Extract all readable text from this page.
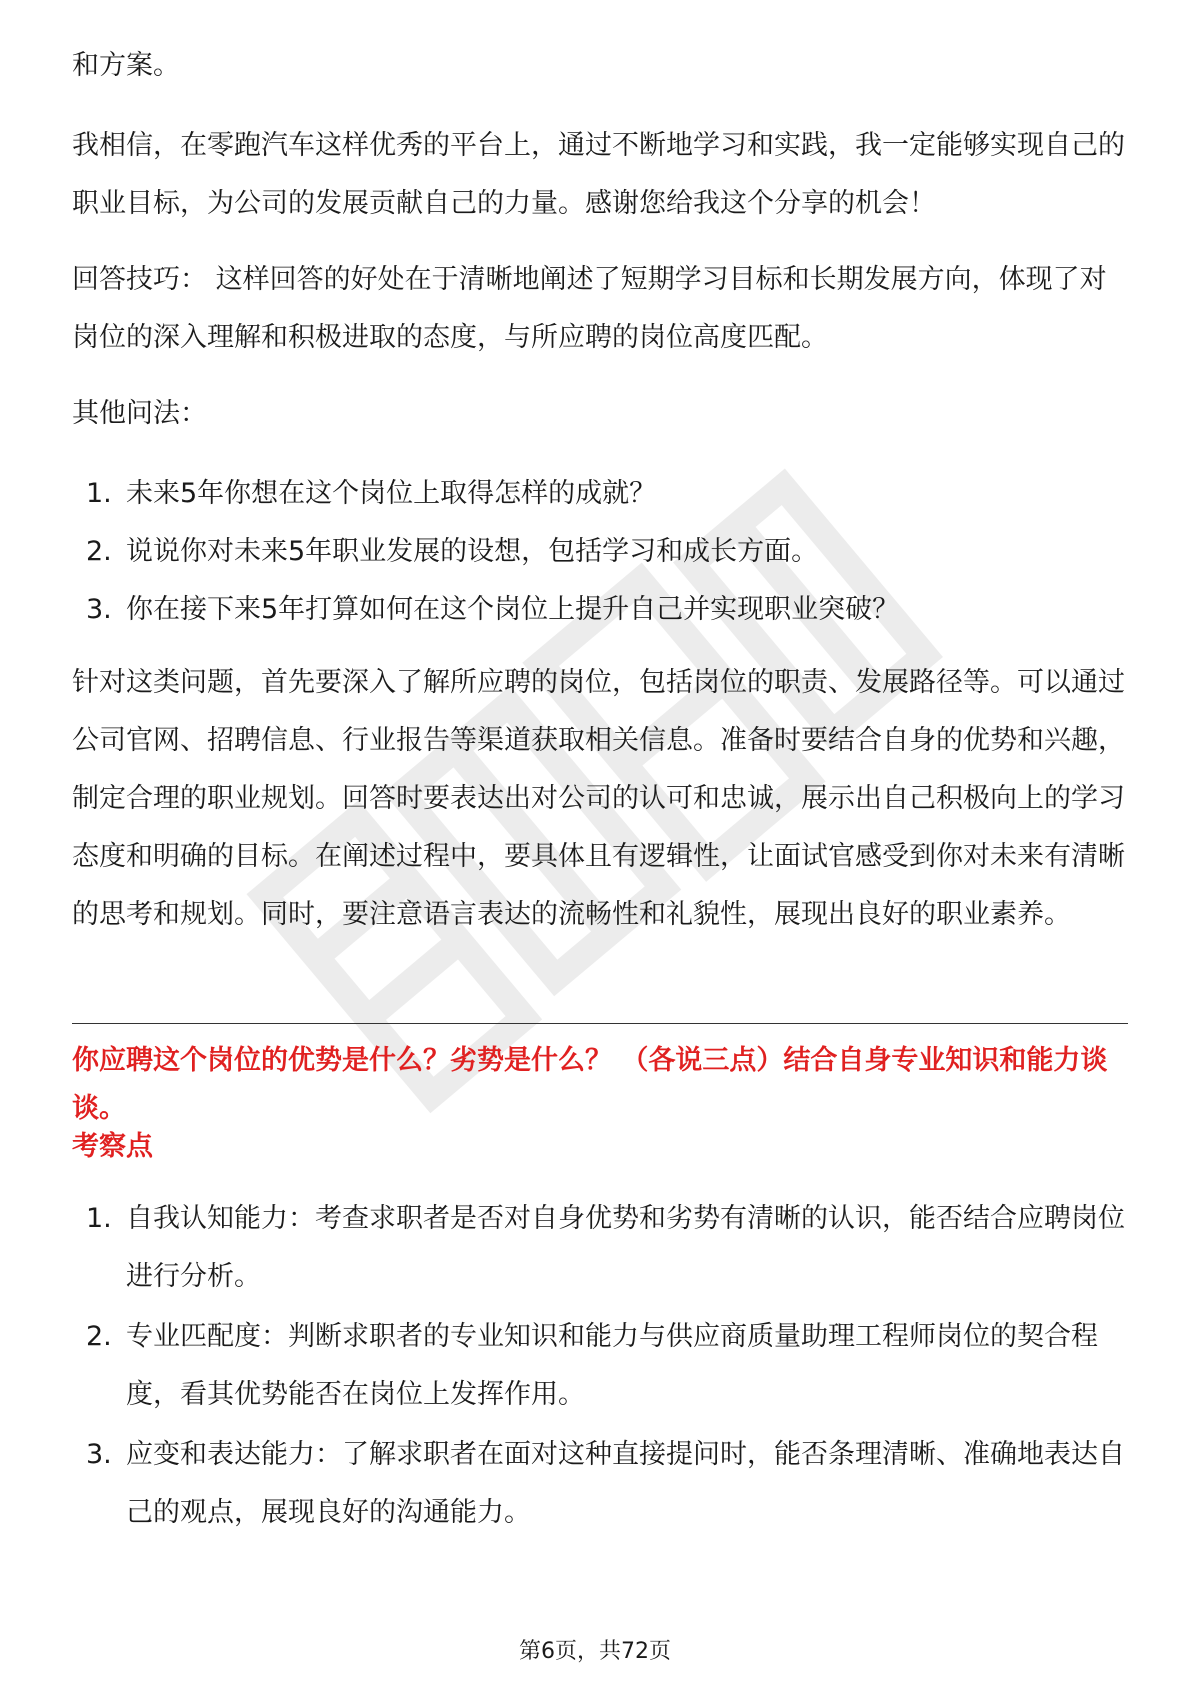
和方案。

我相信，在零跑汽车这样优秀的平台上，通过不断地学习和实践，我一定能够实现自己的职业目标，为公司的发展贡献自己的力量。感谢您给我这个分享的机会！

回答技巧： 这样回答的好处在于清晰地阐述了短期学习目标和长期发展方向，体现了对岗位的深入理解和积极进取的态度，与所应聘的岗位高度匹配。

其他问法：

1. 未来5年你想在这个岗位上取得怎样的成就？
2. 说说你对未来5年职业发展的设想，包括学习和成长方面。
3. 你在接下来5年打算如何在这个岗位上提升自己并实现职业突破？

针对这类问题，首先要深入了解所应聘的岗位，包括岗位的职责、发展路径等。可以通过公司官网、招聘信息、行业报告等渠道获取相关信息。准备时要结合自身的优势和兴趣，制定合理的职业规划。回答时要表达出对公司的认可和忠诚，展示出自己积极向上的学习态度和明确的目标。在阐述过程中，要具体且有逻辑性，让面试官感受到你对未来有清晰的思考和规划。同时，要注意语言表达的流畅性和礼貌性，展现出良好的职业素养。

你应聘这个岗位的优势是什么？劣势是什么？ （各说三点）结合自身专业知识和能力谈谈。

考察点

1. 自我认知能力：考查求职者是否对自身优势和劣势有清晰的认识，能否结合应聘岗位进行分析。
2. 专业匹配度：判断求职者的专业知识和能力与供应商质量助理工程师岗位的契合程度，看其优势能否在岗位上发挥作用。
3. 应变和表达能力：了解求职者在面对这种直接提问时，能否条理清晰、准确地表达自己的观点，展现良好的沟通能力。
第6页，共72页
